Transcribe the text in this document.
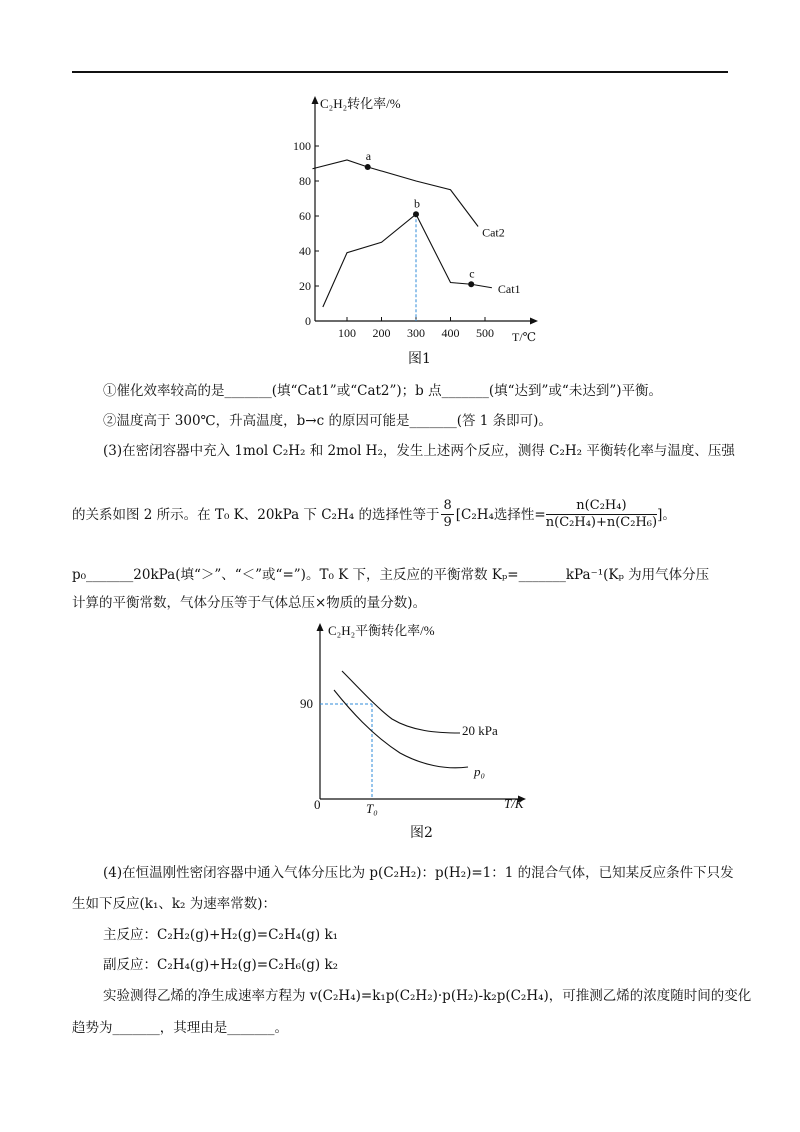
C₂H₂转化率/%
T/℃
100
80
60
40
20
0
100 200 300 400 500
a
b
c
Cat2
Cat1
图1
①催化效率较高的是_______(填“Cat1”或“Cat2”)；b 点_______(填“达到”或“未达到”)平衡。
②温度高于 300℃，升高温度，b→c 的原因可能是_______(答 1 条即可)。
(3)在密闭容器中充入 1mol C₂H₂ 和 2mol H₂，发生上述两个反应，测得 C₂H₂ 平衡转化率与温度、压强
的关系如图 2 所示。在 T₀ K、20kPa 下 C₂H₄ 的选择性等于 $\frac{8}{9} [C_2H_4$选择性= $\frac{\text{n(C₂H₄)}}{\text{n(C₂H₄)+n(C₂H₆)}}$ ]。
p₀_______20kPa(填“＞”、“＜”或“=”)。T₀ K 下，主反应的平衡常数 Kₚ=_______kPa⁻¹(Kₚ 为用气体分压
计算的平衡常数，气体分压等于气体总压×物质的量分数)。
C₂H₂平衡转化率/%
T/K
90
0	T₀
20 kPa
p₀
图2
(4)在恒温刚性密闭容器中通入气体分压比为 p(C₂H₂)：p(H₂)=1：1 的混合气体，已知某反应条件下只发
生如下反应(k₁、k₂ 为速率常数)：
主反应：C₂H₂(g)+H₂(g)=C₂H₄(g) k₁
副反应：C₂H₄(g)+H₂(g)=C₂H₆(g) k₂
实验测得乙烯的净生成速率方程为 v(C₂H₄)=k₁p(C₂H₂)·p(H₂)-k₂p(C₂H₄)，可推测乙烯的浓度随时间的变化
趋势为_______，其理由是_______。
